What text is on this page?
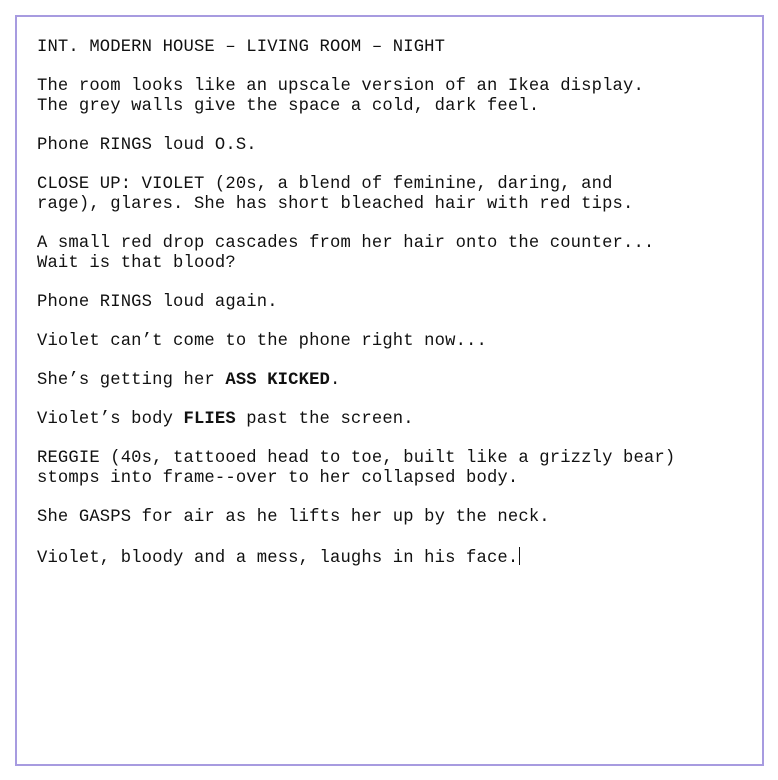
INT. MODERN HOUSE – LIVING ROOM – NIGHT
The room looks like an upscale version of an Ikea display.
The grey walls give the space a cold, dark feel.
Phone RINGS loud O.S.
CLOSE UP: VIOLET (20s, a blend of feminine, daring, and
rage), glares. She has short bleached hair with red tips.
A small red drop cascades from her hair onto the counter...
Wait is that blood?
Phone RINGS loud again.
Violet can’t come to the phone right now...
She’s getting her ASS KICKED.
Violet’s body FLIES past the screen.
REGGIE (40s, tattooed head to toe, built like a grizzly bear)
stomps into frame--over to her collapsed body.
She GASPS for air as he lifts her up by the neck.
Violet, bloody and a mess, laughs in his face.
